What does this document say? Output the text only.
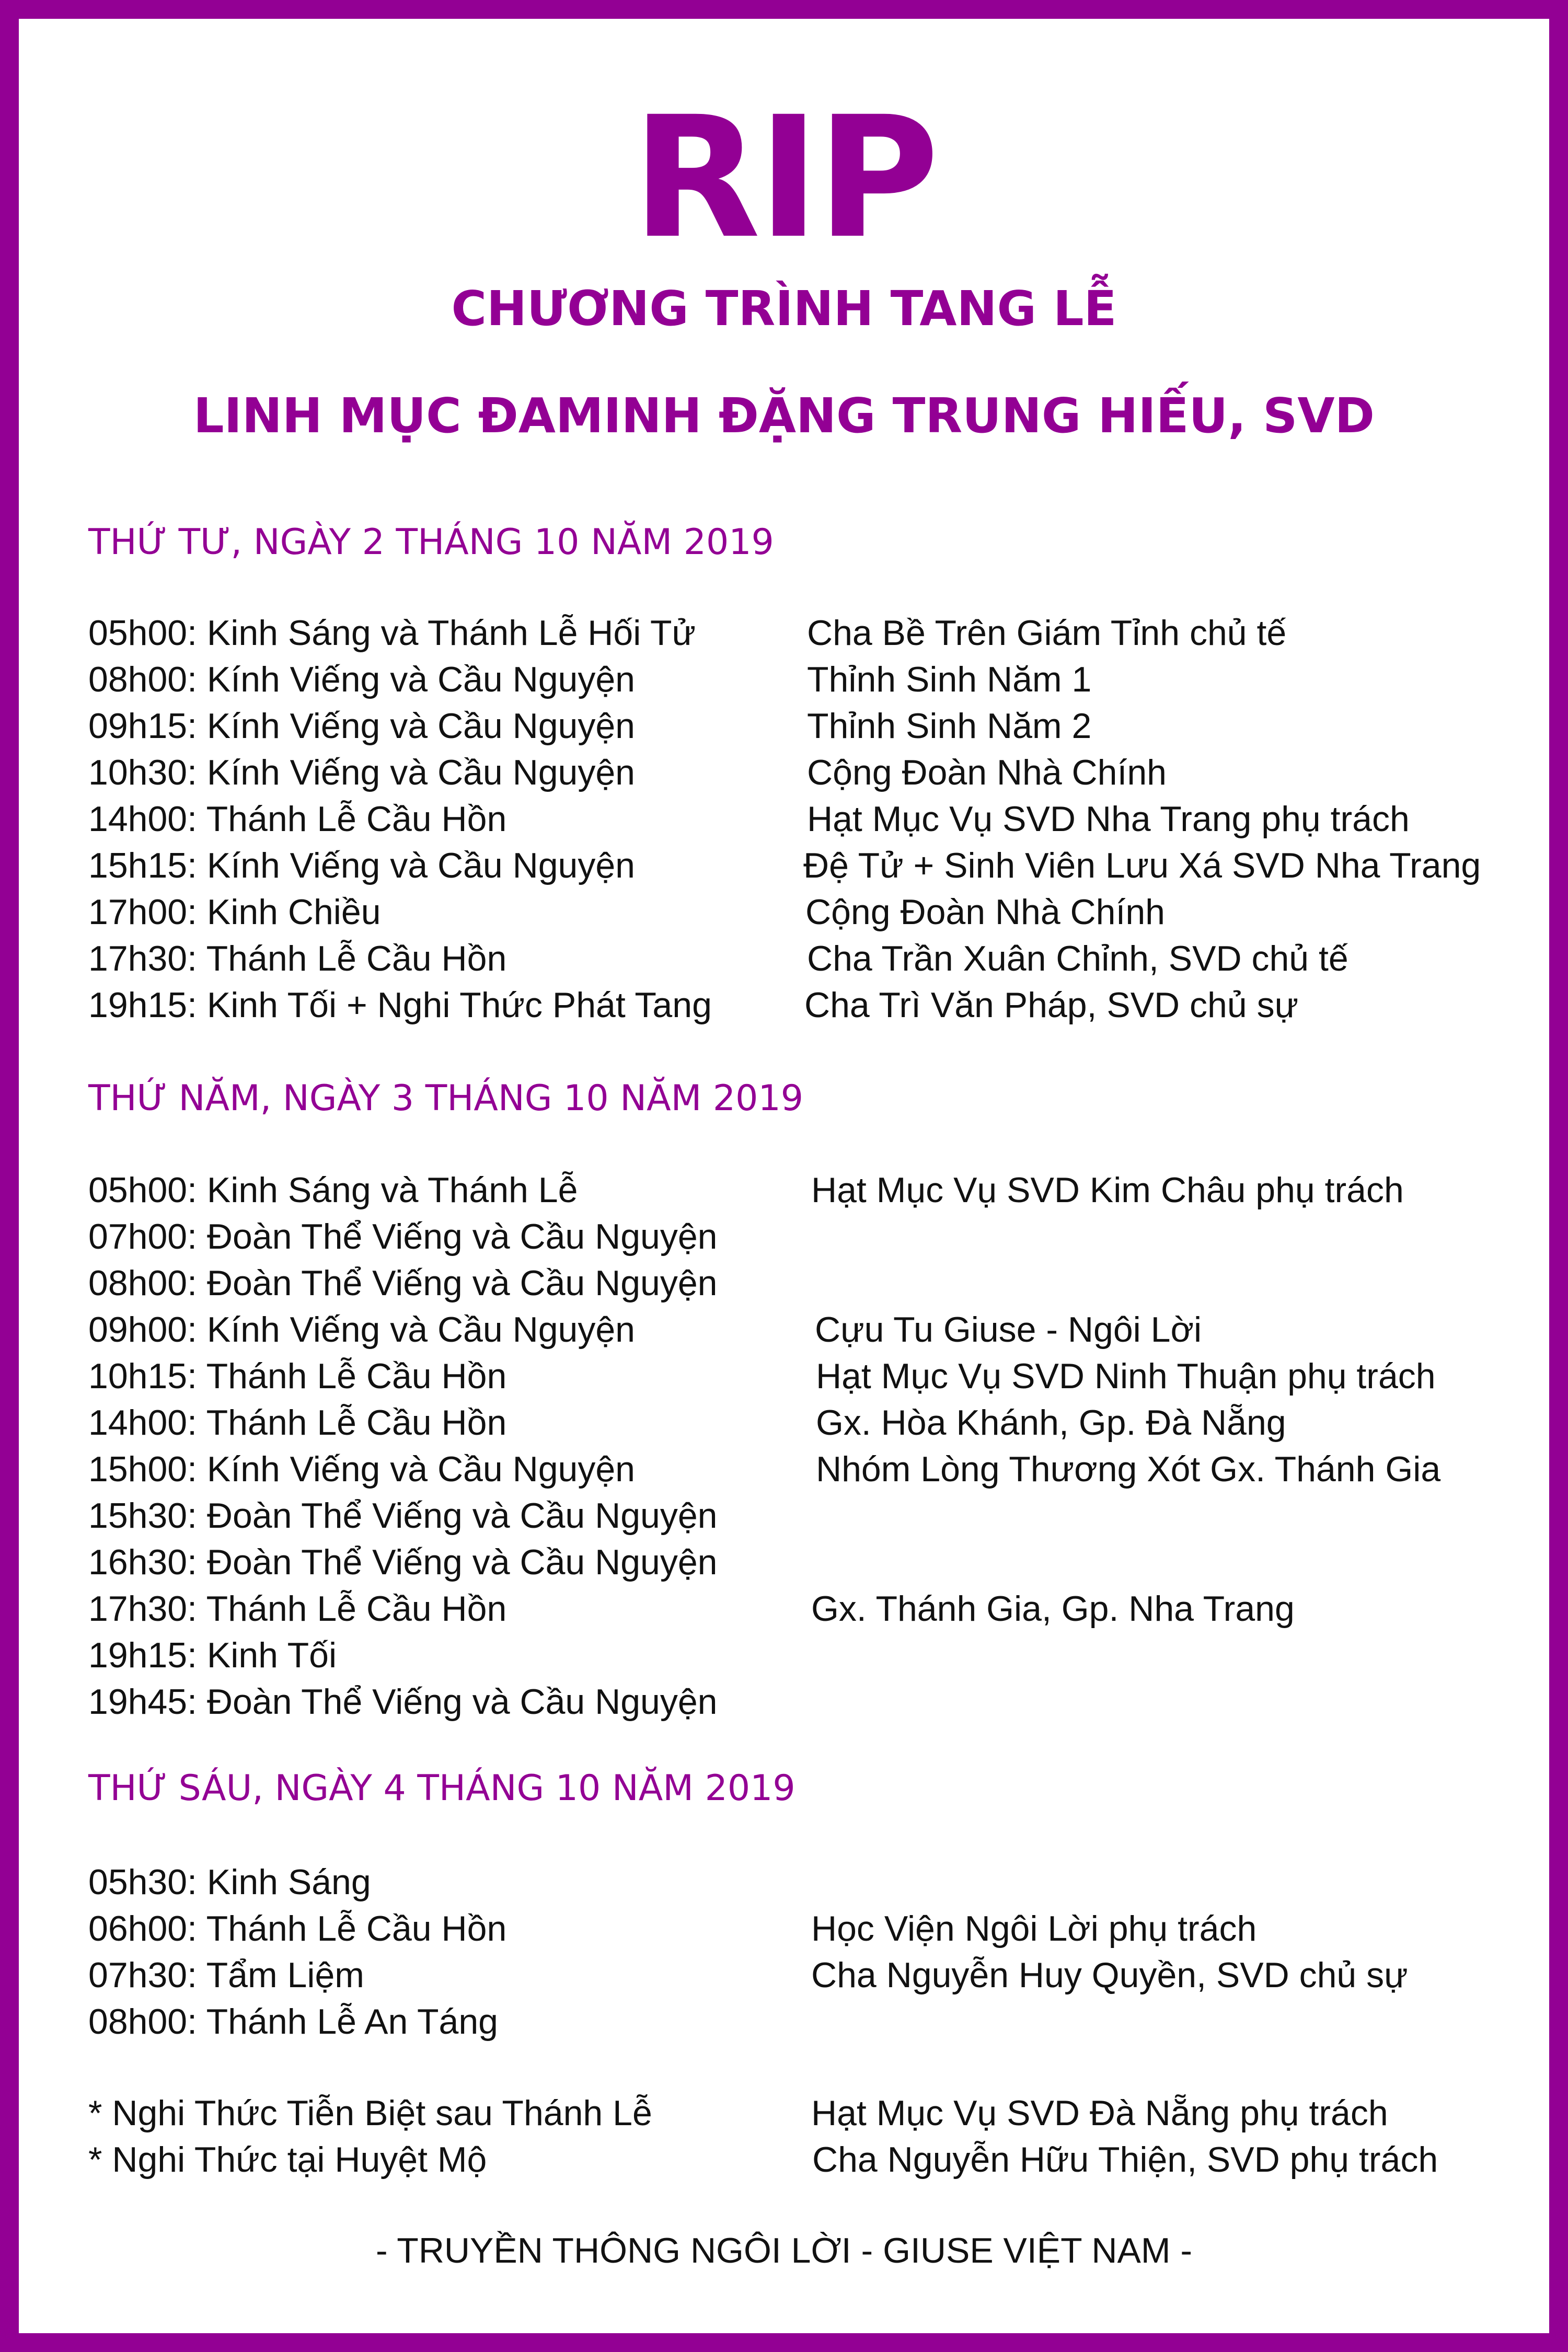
RIP
CHƯƠNG TRÌNH TANG LỄ
LINH MỤC ĐAMINH ĐẶNG TRUNG HIẾU, SVD
THỨ TƯ, NGÀY 2 THÁNG 10 NĂM 2019
05h00: Kinh Sáng và Thánh Lễ Hối Tử	Cha Bề Trên Giám Tỉnh chủ tế
08h00: Kính Viếng và Cầu Nguyện	Thỉnh Sinh Năm 1
09h15: Kính Viếng và Cầu Nguyện	Thỉnh Sinh Năm 2
10h30: Kính Viếng và Cầu Nguyện	Cộng Đoàn Nhà Chính
14h00: Thánh Lễ Cầu Hồn	Hạt Mục Vụ SVD Nha Trang phụ trách
15h15: Kính Viếng và Cầu Nguyện	Đệ Tử + Sinh Viên Lưu Xá SVD Nha Trang
17h00: Kinh Chiều	Cộng Đoàn Nhà Chính
17h30: Thánh Lễ Cầu Hồn	Cha Trần Xuân Chỉnh, SVD chủ tế
19h15: Kinh Tối + Nghi Thức Phát Tang	Cha Trì Văn Pháp, SVD chủ sự
THỨ NĂM, NGÀY 3 THÁNG 10 NĂM 2019
05h00: Kinh Sáng và Thánh Lễ	Hạt Mục Vụ SVD Kim Châu phụ trách
07h00: Đoàn Thể Viếng và Cầu Nguyện
08h00: Đoàn Thể Viếng và Cầu Nguyện
09h00: Kính Viếng và Cầu Nguyện	Cựu Tu Giuse - Ngôi Lời
10h15: Thánh Lễ Cầu Hồn	Hạt Mục Vụ SVD Ninh Thuận phụ trách
14h00: Thánh Lễ Cầu Hồn	Gx. Hòa Khánh, Gp. Đà Nẵng
15h00: Kính Viếng và Cầu Nguyện	Nhóm Lòng Thương Xót Gx. Thánh Gia
15h30: Đoàn Thể Viếng và Cầu Nguyện
16h30: Đoàn Thể Viếng và Cầu Nguyện
17h30: Thánh Lễ Cầu Hồn	Gx. Thánh Gia, Gp. Nha Trang
19h15: Kinh Tối
19h45: Đoàn Thể Viếng và Cầu Nguyện
THỨ SÁU, NGÀY 4 THÁNG 10 NĂM 2019
05h30: Kinh Sáng
06h00: Thánh Lễ Cầu Hồn	Học Viện Ngôi Lời phụ trách
07h30: Tẩm Liệm	Cha Nguyễn Huy Quyền, SVD chủ sự
08h00: Thánh Lễ An Táng
* Nghi Thức Tiễn Biệt sau Thánh Lễ	Hạt Mục Vụ SVD Đà Nẵng phụ trách
* Nghi Thức tại Huyệt Mộ	Cha Nguyễn Hữu Thiện, SVD phụ trách
- TRUYỀN THÔNG NGÔI LỜI - GIUSE VIỆT NAM -
